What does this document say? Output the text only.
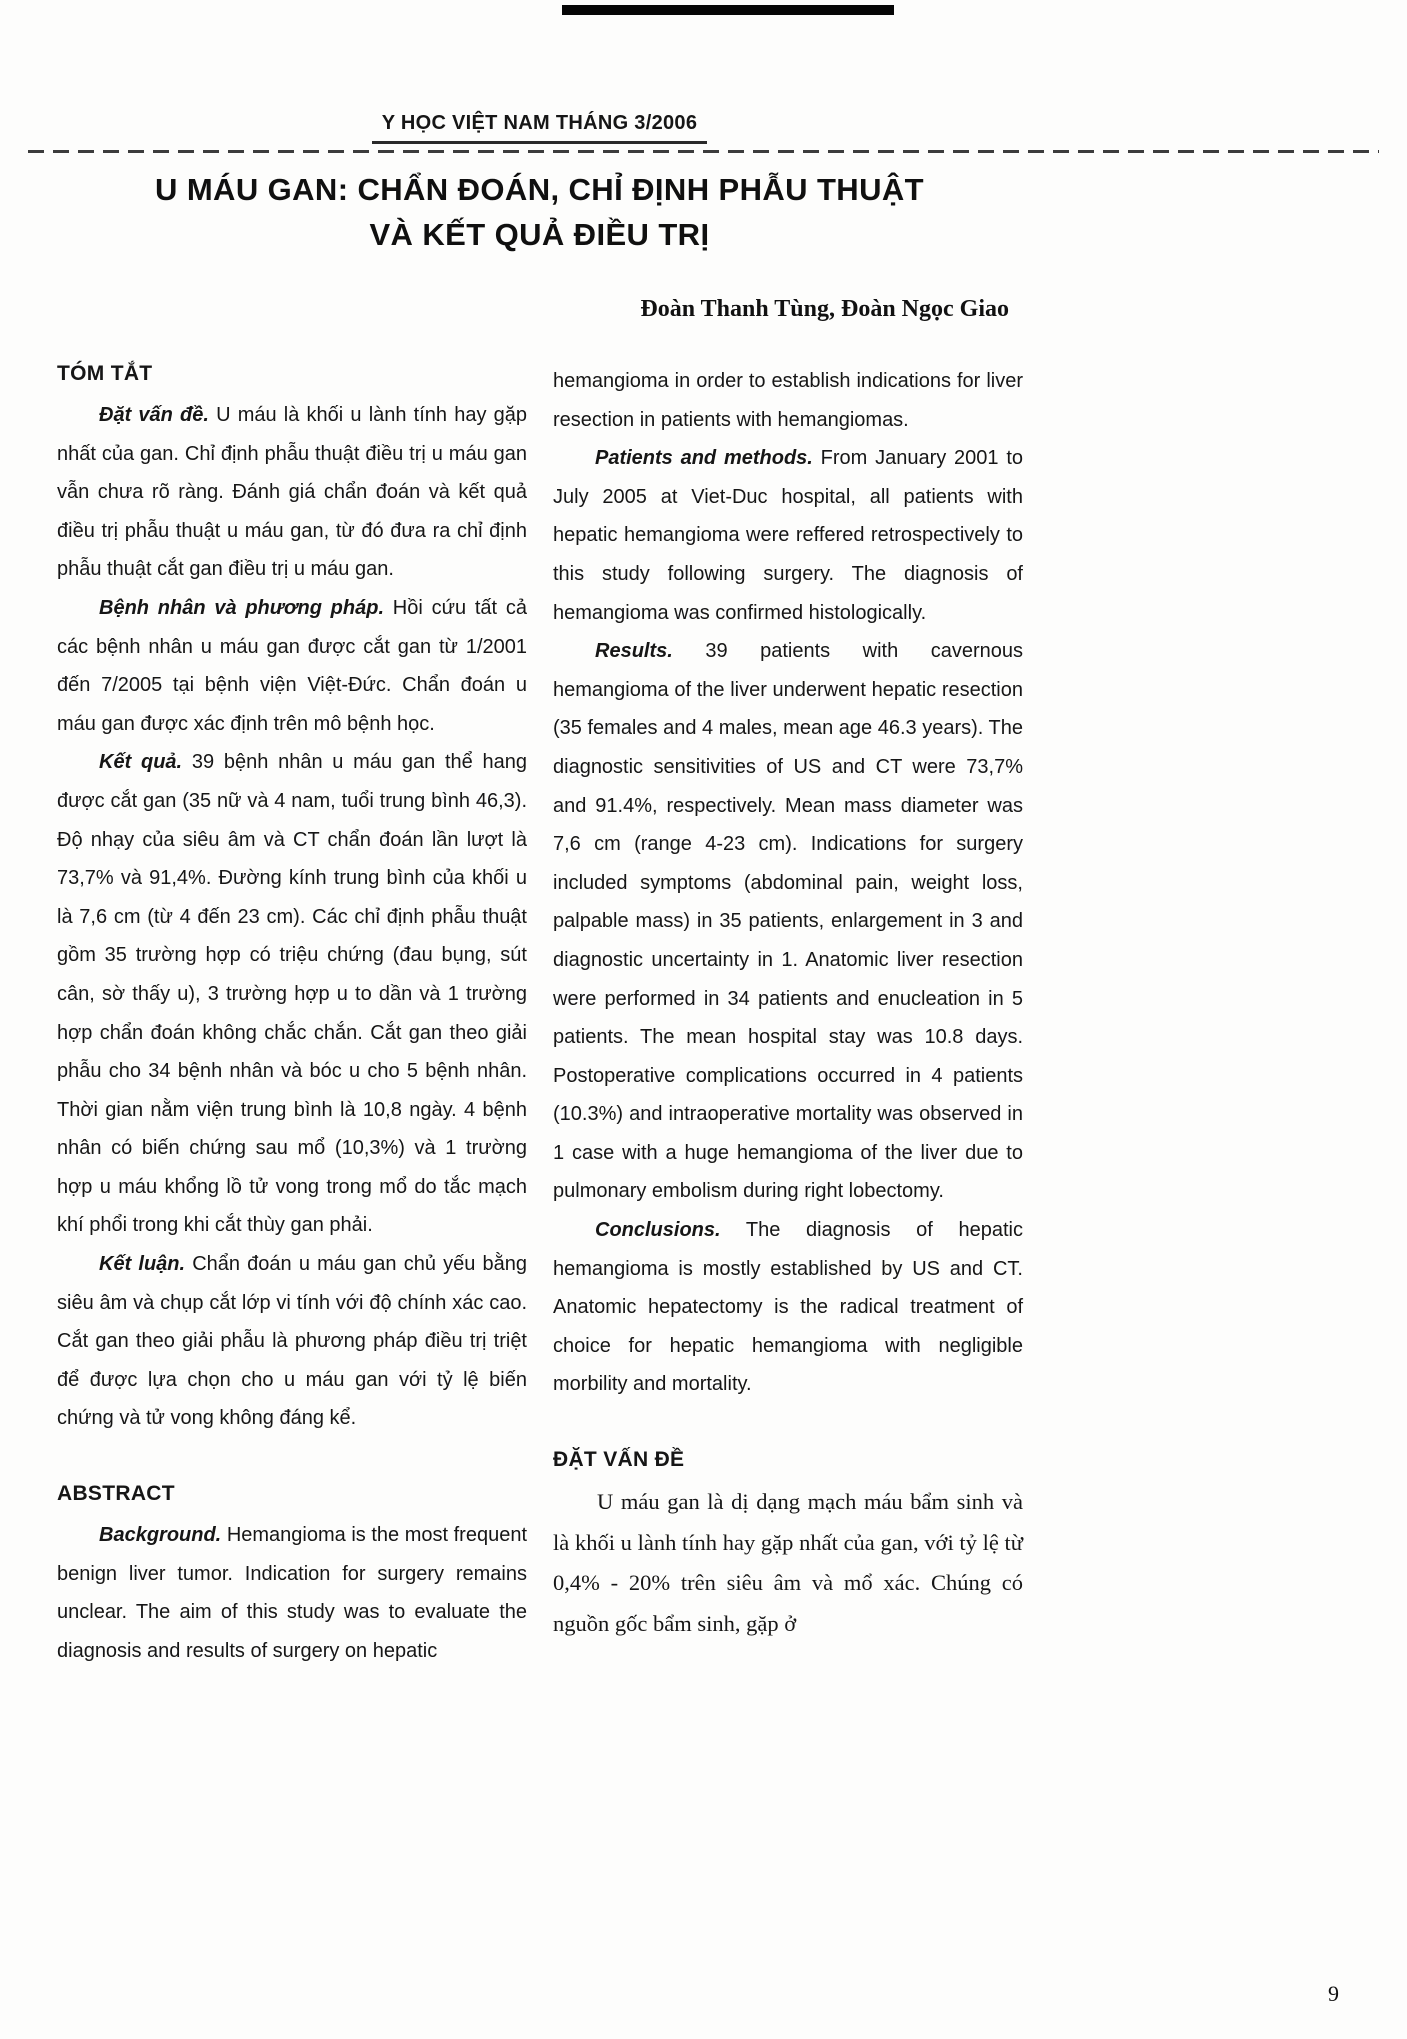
Y HỌC VIỆT NAM THÁNG 3/2006
U MÁU GAN: CHẨN ĐOÁN, CHỈ ĐỊNH PHẪU THUẬT
VÀ KẾT QUẢ ĐIỀU TRỊ
Đoàn Thanh Tùng, Đoàn Ngọc Giao
TÓM TẮT

Đặt vấn đề. U máu là khối u lành tính hay gặp nhất của gan. Chỉ định phẫu thuật điều trị u máu gan vẫn chưa rõ ràng. Đánh giá chẩn đoán và kết quả điều trị phẫu thuật u máu gan, từ đó đưa ra chỉ định phẫu thuật cắt gan điều trị u máu gan.

Bệnh nhân và phương pháp. Hồi cứu tất cả các bệnh nhân u máu gan được cắt gan từ 1/2001 đến 7/2005 tại bệnh viện Việt-Đức. Chẩn đoán u máu gan được xác định trên mô bệnh học.

Kết quả. 39 bệnh nhân u máu gan thể hang được cắt gan (35 nữ và 4 nam, tuổi trung bình 46,3). Độ nhạy của siêu âm và CT chẩn đoán lần lượt là 73,7% và 91,4%. Đường kính trung bình của khối u là 7,6 cm (từ 4 đến 23 cm). Các chỉ định phẫu thuật gồm 35 trường hợp có triệu chứng (đau bụng, sút cân, sờ thấy u), 3 trường hợp u to dần và 1 trường hợp chẩn đoán không chắc chắn. Cắt gan theo giải phẫu cho 34 bệnh nhân và bóc u cho 5 bệnh nhân. Thời gian nằm viện trung bình là 10,8 ngày. 4 bệnh nhân có biến chứng sau mổ (10,3%) và 1 trường hợp u máu khổng lồ tử vong trong mổ do tắc mạch khí phổi trong khi cắt thùy gan phải.

Kết luận. Chẩn đoán u máu gan chủ yếu bằng siêu âm và chụp cắt lớp vi tính với độ chính xác cao. Cắt gan theo giải phẫu là phương pháp điều trị triệt để được lựa chọn cho u máu gan với tỷ lệ biến chứng và tử vong không đáng kể.

ABSTRACT

Background. Hemangioma is the most frequent benign liver tumor. Indication for surgery remains unclear. The aim of this study was to evaluate the diagnosis and results of surgery on hepatic

hemangioma in order to establish indications for liver resection in patients with hemangiomas.

Patients and methods. From January 2001 to July 2005 at Viet-Duc hospital, all patients with hepatic hemangioma were reffered retrospectively to this study following surgery. The diagnosis of hemangioma was confirmed histologically.

Results. 39 patients with cavernous hemangioma of the liver underwent hepatic resection (35 females and 4 males, mean age 46.3 years). The diagnostic sensitivities of US and CT were 73,7% and 91.4%, respectively. Mean mass diameter was 7,6 cm (range 4-23 cm). Indications for surgery included symptoms (abdominal pain, weight loss, palpable mass) in 35 patients, enlargement in 3 and diagnostic uncertainty in 1. Anatomic liver resection were performed in 34 patients and enucleation in 5 patients. The mean hospital stay was 10.8 days. Postoperative complications occurred in 4 patients (10.3%) and intraoperative mortality was observed in 1 case with a huge hemangioma of the liver due to pulmonary embolism during right lobectomy.

Conclusions. The diagnosis of hepatic hemangioma is mostly established by US and CT. Anatomic hepatectomy is the radical treatment of choice for hepatic hemangioma with negligible morbility and mortality.

ĐẶT VẤN ĐỀ

U máu gan là dị dạng mạch máu bẩm sinh và là khối u lành tính hay gặp nhất của gan, với tỷ lệ từ 0,4% - 20% trên siêu âm và mổ xác. Chúng có nguồn gốc bẩm sinh, gặp ở

9
